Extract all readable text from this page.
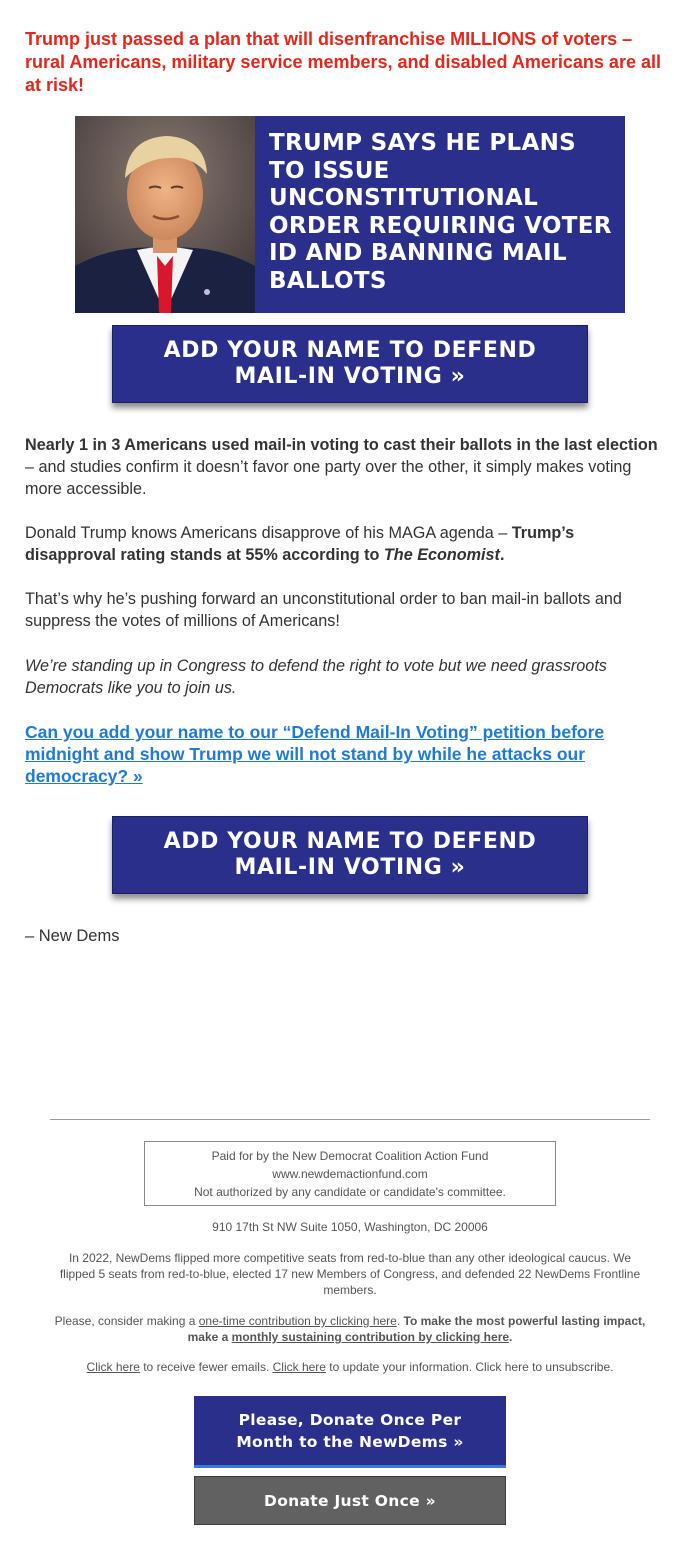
Trump just passed a plan that will disenfranchise MILLIONS of voters – rural Americans, military service members, and disabled Americans are all at risk!

TRUMP SAYS HE PLANS TO ISSUE UNCONSTITUTIONAL ORDER REQUIRING VOTER ID AND BANNING MAIL BALLOTS
ADD YOUR NAME TO DEFEND MAIL-IN VOTING »

Nearly 1 in 3 Americans used mail-in voting to cast their ballots in the last election – and studies confirm it doesn’t favor one party over the other, it simply makes voting more accessible.

Donald Trump knows Americans disapprove of his MAGA agenda – Trump’s disapproval rating stands at 55% according to The Economist.

That’s why he’s pushing forward an unconstitutional order to ban mail-in ballots and suppress the votes of millions of Americans!

We’re standing up in Congress to defend the right to vote but we need grassroots Democrats like you to join us.

Can you add your name to our “Defend Mail-In Voting” petition before midnight and show Trump we will not stand by while he attacks our democracy? »

ADD YOUR NAME TO DEFEND MAIL-IN VOTING »
– New Dems
Paid for by the New Democrat Coalition Action Fund
www.newdemactionfund.com
Not authorized by any candidate or candidate's committee.

910 17th St NW Suite 1050, Washington, DC 20006

In 2022, NewDems flipped more competitive seats from red-to-blue than any other ideological caucus. We flipped 5 seats from red-to-blue, elected 17 new Members of Congress, and defended 22 NewDems Frontline members.

Please, consider making a one-time contribution by clicking here. To make the most powerful lasting impact, make a monthly sustaining contribution by clicking here.

Click here to receive fewer emails. Click here to update your information. Click here to unsubscribe.

Please, Donate Once Per Month to the NewDems »
Donate Just Once »
